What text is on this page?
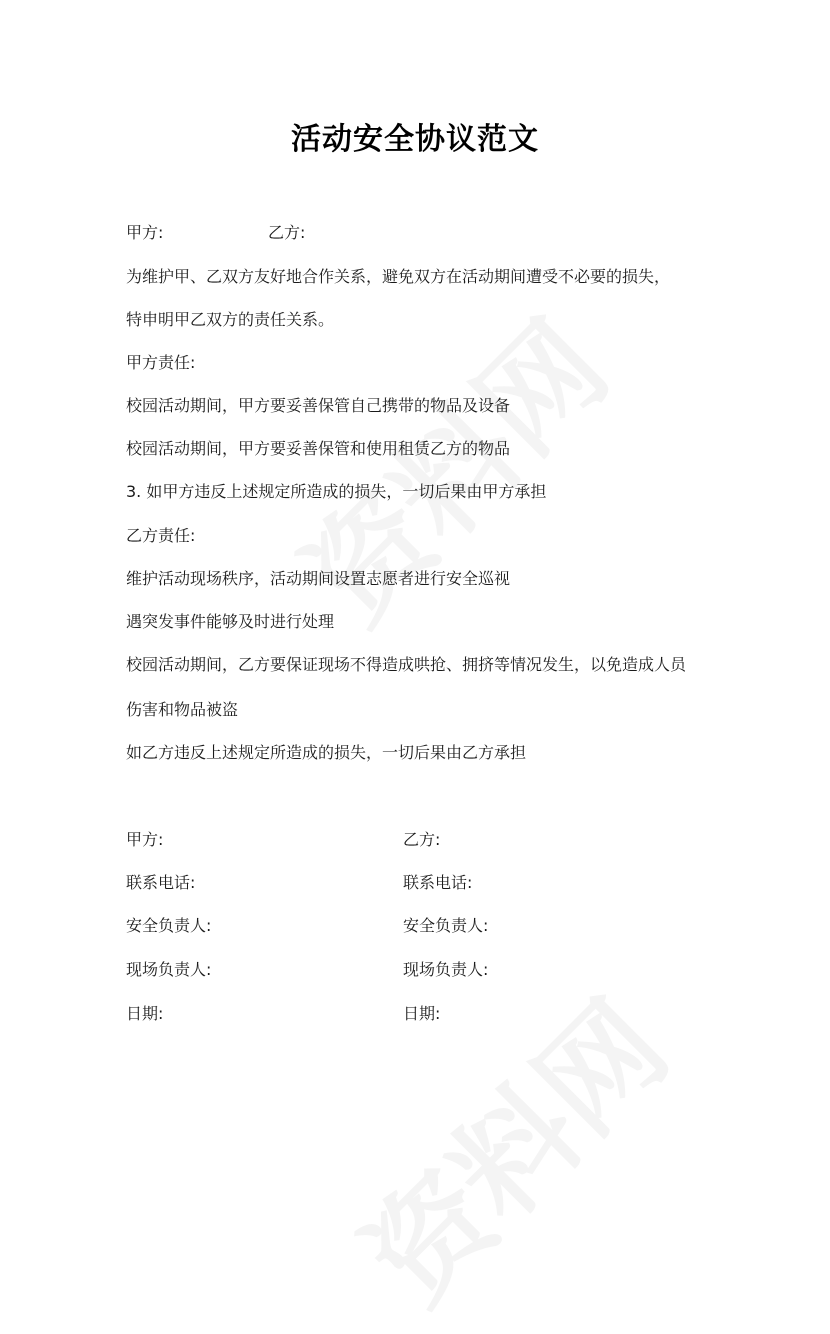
活动安全协议范文
甲方:	乙方:
为维护甲、乙双方友好地合作关系，避免双方在活动期间遭受不必要的损失，
特申明甲乙双方的责任关系。
甲方责任:
校园活动期间，甲方要妥善保管自己携带的物品及设备
校园活动期间，甲方要妥善保管和使用租赁乙方的物品
3. 如甲方违反上述规定所造成的损失，一切后果由甲方承担
乙方责任:
维护活动现场秩序，活动期间设置志愿者进行安全巡视
遇突发事件能够及时进行处理
校园活动期间，乙方要保证现场不得造成哄抢、拥挤等情况发生，以免造成人员
伤害和物品被盗
如乙方违反上述规定所造成的损失，一切后果由乙方承担
甲方:
联系电话:
安全负责人:
现场负责人:
日期:
乙方:
联系电话:
安全负责人:
现场负责人:
日期:
